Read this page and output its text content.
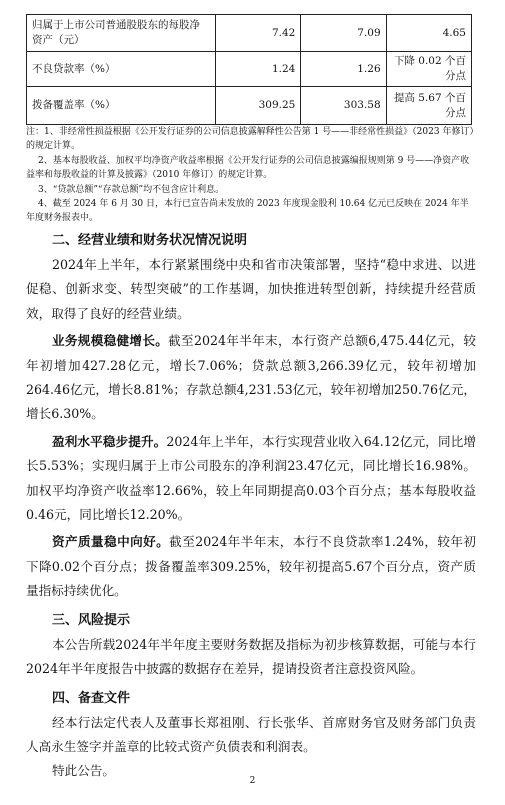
归属于上市公司普通股股东的每股净资产（元）	7.42	7.09	4.65
不良贷款率（%）	1.24	1.26	下降 0.02 个百分点
拨备覆盖率（%）	309.25	303.58	提高 5.67 个百分点

注：1、非经常性损益根据《公开发行证券的公司信息披露解释性公告第 1 号——非经常性损益》（2023 年修订）的规定计算。

2、基本每股收益、加权平均净资产收益率根据《公开发行证券的公司信息披露编报规则第 9 号——净资产收益率和每股收益的计算及披露》（2010 年修订）的规定计算。

3、“贷款总额”“存款总额”均不包含应计利息。

4、截至 2024 年 6 月 30 日，本行已宣告尚未发放的 2023 年度现金股利 10.64 亿元已反映在 2024 年半年度财务报表中。

二、经营业绩和财务状况情况说明

2024年上半年，本行紧紧围绕中央和省市决策部署，坚持“稳中求进、以进促稳、创新求变、转型突破”的工作基调，加快推进转型创新，持续提升经营质效，取得了良好的经营业绩。

业务规模稳健增长。截至2024年半年末，本行资产总额6,475.44亿元，较年初增加427.28亿元，增长7.06%；贷款总额3,266.39亿元，较年初增加264.46亿元，增长8.81%；存款总额4,231.53亿元，较年初增加250.76亿元，增长6.30%。

盈利水平稳步提升。2024年上半年，本行实现营业收入64.12亿元，同比增长5.53%；实现归属于上市公司股东的净利润23.47亿元，同比增长16.98%。加权平均净资产收益率12.66%，较上年同期提高0.03个百分点；基本每股收益0.46元，同比增长12.20%。

资产质量稳中向好。截至2024年半年末，本行不良贷款率1.24%，较年初下降0.02个百分点；拨备覆盖率309.25%，较年初提高5.67个百分点，资产质量指标持续优化。

三、风险提示

本公告所载2024年半年度主要财务数据及指标为初步核算数据，可能与本行2024年半年度报告中披露的数据存在差异，提请投资者注意投资风险。

四、备查文件

经本行法定代表人及董事长郑祖刚、行长张华、首席财务官及财务部门负责人高永生签字并盖章的比较式资产负债表和利润表。

特此公告。

2
